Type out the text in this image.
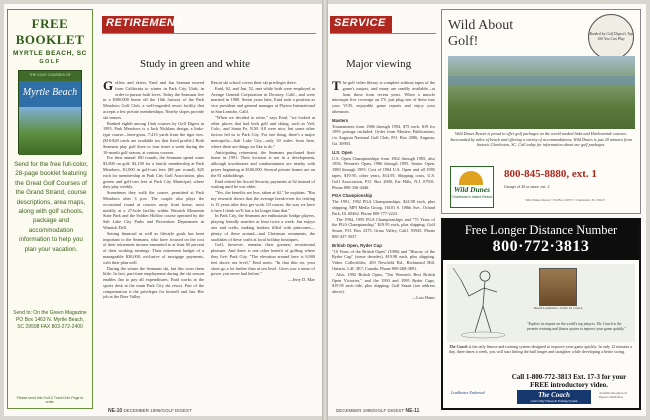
FREE
BOOKLET
MYRTLE BEACH, SC
GOLF
THE GOLF COURSES OF
Myrtle Beach
Send for the free full-color, 28-page booklet featuring the Great Golf Courses of the Grand Strand, course descriptions, area maps, along with golf schools, package and accommodation information to help you plan your vacation.
Send to: On the Green Magazine PO Box 1463 N. Myrtle Beach, SC 29598 FAX 803-272-2400
Please send this Golf & Travel Info Page to order.
RETIREMENT
Study in green and white
G olfers and skiers, Enid and Jan Seaman moved from California to winter in Park City, Utah, in order to pursue both loves. Today the Seamans live in a $300,000 home off the 16th fairway of the Park Meadows Golf Club, a well-regarded resort facility that accepts a few private memberships. Nearby slopes provide ski venues.

Ranked eighth among Utah courses by Golf Digest in 1995, Park Meadows is a Jack Nicklaus design, a links-type course—bent-grass, 7,413 yards from the tiger tees. ($16-$20 cards are available too that fixed profile.) Both Seamans play golf three or four times a week during the 10-month golf season, at various courses.

For their annual 180 rounds, the Seamans spend some $3,800 on golf: $2,100 for a family membership at Park Meadows, $1,000 in golf-cart fees ($8 per round), $25 each for membership in Park City Golf Association, plus greens and golf-cart fees at Park City Municipal, where they play weekly.

Sometimes they walk the course, permitted at Park Meadows after 3 p.m. The couple also plays the occasional round at courses away from home, most notably at a 27-hole facility within Wasatch Mountain State Park and the Soldier Hollow course operated by the Salt Lake City Parks and Recreation Department in Wasatch Dell.

Setting financial as well as lifestyle goals has been important to the Seamans, who have focused on the cost of their retirement income amounted to at least 60 percent of their working earnings. Their retirement budget of a manageable $30,000, exclusive of mortgage payments, with their plan well.

During the winter the Seamans ski, but this costs them little. In fact, part-time employment during the ski season enables Jan to pay all expenditures. Enid works at the sports desk at the main Park City ski resort. Part of the compensation is the privileges for himself and Jan. Her job at the Deer Valley

Resort ski school covers their ski privileges there.

Enid, 62, and Jan, 52, met while both were employed at Avenge General Corporation in Downey, Calif., and were married in 1980. Seven years later, Enid took a position as vice president and general manager at Phyton International in San Leandro, Calif.

"When we decided to retire," says Enid, "we looked at other places that had both golf and skiing, such as Vail, Colo., and Santa Fe, N.M. All were nice, but some other factors led us to Park City. For one thing, there's a major metropolis—Salt Lake City—only 30 miles from here, where there are things we like to do."

Anticipating retirement, the Seamans purchased their home in 1991. Their location is not in a development, although townhouses and condominiums are nearby with prices beginning at $160,000. Several private homes are on the 81 subholdings.

Enid retired his Social Security payments at 62 instead of waiting until he was older.

"Yes, the benefits are less, taken at 62," he explains. "But my research shows that the average break-even for retiring is 15 years after they get work. Of course, the way we have it here I think we'll last a lot longer than that."

In Park City, the Seamans are enthusiastic bridge players, playing friendly matches at least twice a week. Jan enjoys arts and crafts, making baskets filled with pinecones—plenty of these around—and Christmas ornaments, the snoflakes of these crafts at local holiday boutiques.

Golf, however, remains their greatest recreational pleasure. And there is one other benefit of golfing where they live: Park City. "The elevation around here is 6,900 feet above sea level," Enid notes. "In that thin air, your shots go a lot farther than at sea level. Gives you a sense of power you never had before."

—Jerry D. Mae

NE-10 DECEMBER 1995/GOLF DIGEST
SERVICE
Major viewing
T he golf video library is complete without tapes of the game's majors, and many are readily available—at least those from recent years. When a muscle interrupts live coverage on TV, just plug one of these into your VCR, enjoyable game reports and enjoy your afternoon.

Masters

Tournaments from 1986 through 1994, $75 each. $19 for 1995 postage included. Order from Masters Publications, c/o Augusta National Golf Club, P.O. Box 2086, Augusta, Ga. 30903.

U.S. Open

U.S. Open Championships from 1962 through 1995, also 1956, Women's Open, 1986 through 1995. Senior Open, 1980 through 1995. Cost of 1994 U.S. Open and all 1995 tapes, $19.95; other years, $14.95. Shipping costs, U.S. Golf Association, P.O. Box 2000, Far Hills, N.J. 07931. Phone 800-336-4446.

PGA Championship

The 1991, 1992 PGA Championships, $24.98 each, plus shipping. MPI Media Group, 16101 S. 108th Ave., Orland Park, Ill. 60462. Phone 800-777-2223.

The 1994, 1995 PGA Championships and "75 Years of the PGA Championship," $19.95 each, plus shipping. Golf Smart, P.O. Box 2375, Grass Valley, Calif. 95945. Phone 800-437-3037.

British Open, Ryder Cup

"10 Years of the British Open" (1986) and "History of the Ryder Cup" (some decades), $19.98 each, plus shipping. Video Collectibles, 200 Newfield Rd., Richmond Hill, Ontario, L4C 3E7, Canada. Phone 800-268-3891.

Also, 1992 British Open, "Ten Women's Best British Open Victories," and the 1993 and 1995 Ryder Cups, $19.95 each title, plus shipping. Golf Smart (see address above).

—Lois Hains

DECEMBER 1995/GOLF DIGEST NE-11
Wild About
Golf!	Ranked by Golf Digest's Top 100 You Can Play
Wild Dunes Resort is proud to offer golf packages on the world ranked links and Harbourside courses. Surrounded by miles of beach and offering a variety of accommodations, Wild Dunes is just 20 minutes from historic Charleston, SC. Call today for information about our golf packages.
Wild Dunes
Charleston's Island Resort
800-845-8880, ext. 1
Groups of 20 or more, ext. 2
Wild Dunes Resort • PO Box 20575 • Charleston, SC 29413
Free Longer Distance Number
800·772·3813
David Leadbetter, Golf's #1 Coach
"Explore its impact on the world's top players. The Coach is the premier training and fitness system to improve your game quickly."
The Coach is the only fitness and training system designed to improve your game quickly. In only 12 minutes a day, three times a week, you will start hitting the ball longer and straighter while developing a better swing.
Call 1-800-772-3813 Ext. 17-3 for your FREE introductory video.
Leadbetter Endorsed	The Coach
Golf's Only Fitness & Training System
Available through Golf Digest's distribution
